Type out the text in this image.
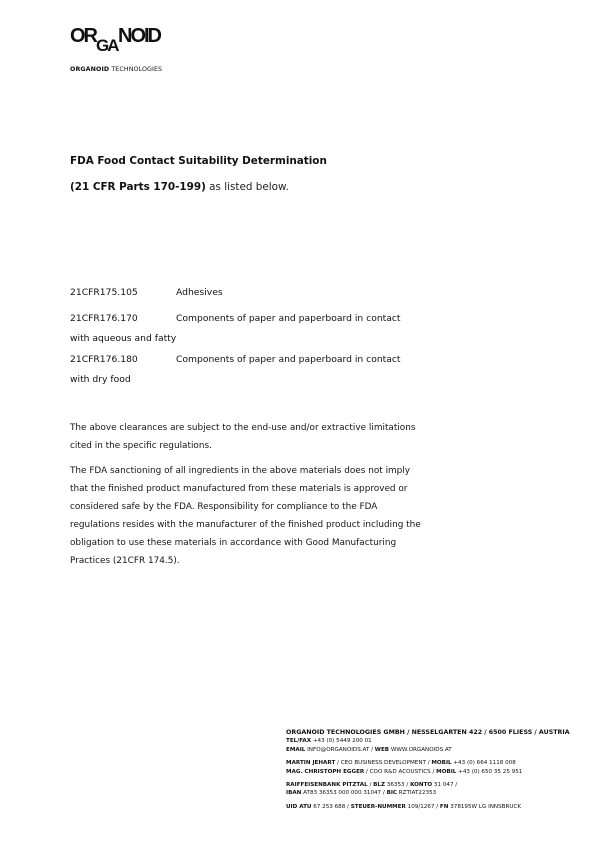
OR GA NOID
ORGANOID TECHNOLOGIES
FDA Food Contact Suitability Determination
(21 CFR Parts 170-199) as listed below.
21CFR175.105	Adhesives
21CFR176.170	Components of paper and paperboard in contact
with aqueous and fatty
21CFR176.180	Components of paper and paperboard in contact
with dry food
The above clearances are subject to the end-use and/or extractive limitations cited in the specific regulations.
The FDA sanctioning of all ingredients in the above materials does not imply that the finished product manufactured from these materials is approved or considered safe by the FDA. Responsibility for compliance to the FDA regulations resides with the manufacturer of the finished product including the obligation to use these materials in accordance with Good Manufacturing Practices (21CFR 174.5).
ORGANOID TECHNOLOGIES GMBH / NESSELGARTEN 422 / 6500 FLIESS / AUSTRIA
TEL/FAX +43 (0) 5449 200 01
EMAIL INFO@ORGANOIDS.AT / WEB WWW.ORGANOIDS.AT
MARTIN JEHART / CEO BUSINESS DEVELOPMENT / MOBIL +43 (0) 664 1118 008
MAG. CHRISTOPH EGGER / COO R&D ACOUSTICS / MOBIL +43 (0) 650 35 25 951
RAIFFEISENBANK PITZTAL / BLZ 36353 / KONTO 31 047 /
IBAN AT83 36353 000 000 31047 / BIC RZTIAT22353
UID ATU 67 253 688 / STEUER-NUMMER 109/1267 / FN 378195W LG INNSBRUCK
